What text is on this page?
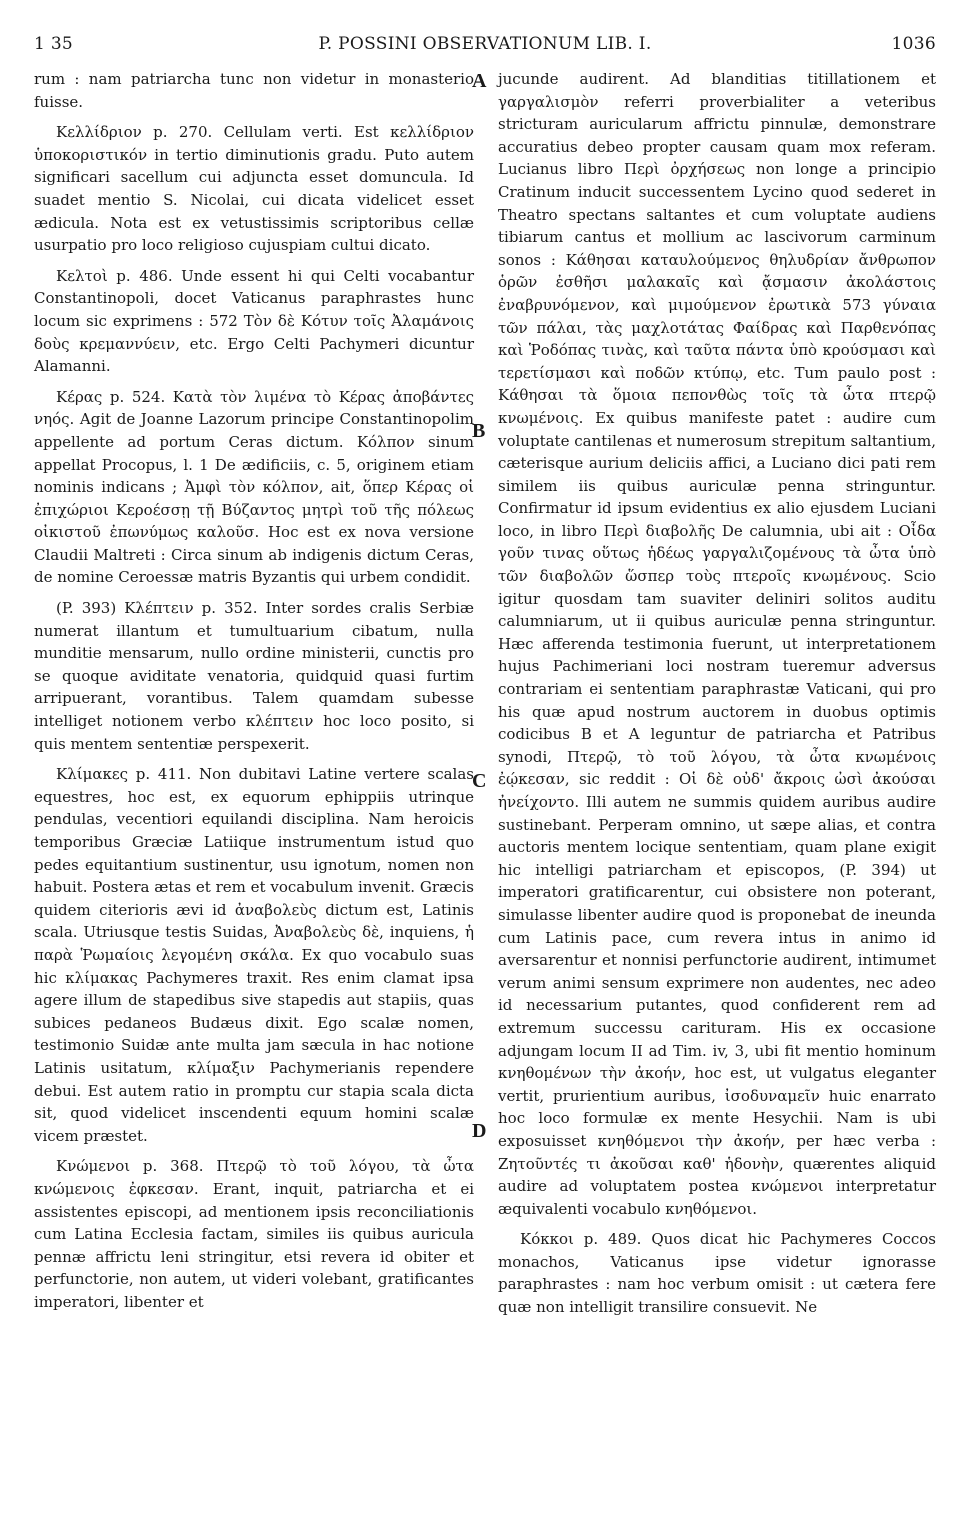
1 35	P. POSSINI OBSERVATIONUM LIB. I.	1036

rum : nam patriarcha tunc non videtur in monasterio fuisse.

Κελλίδριον p. 270. Cellulam verti. Est κελλίδριον ὑποκοριστικόν in tertio diminutionis gradu. Puto autem significari sacellum cui adjuncta esset domuncula. Id suadet mentio S. Nicolai, cui dicata videlicet esset ædicula. Nota est ex vetustissimis scriptoribus cellæ usurpatio pro loco religioso cujuspiam cultui dicato.

Κελτοὶ p. 486. Unde essent hi qui Celti vocabantur Constantinopoli, docet Vaticanus paraphrastes hunc locum sic exprimens : 572 Τὸν δὲ Κότυν τοῖς Ἀλαμάνοις δοὺς κρεμαννύειν, etc. Ergo Celti Pachymeri dicuntur Alamanni.

Κέρας p. 524. Κατὰ τὸν λιμένα τὸ Κέρας ἀποβάντες νηός. Agit de Joanne Lazorum principe Constantinopolim appellente ad portum Ceras dictum. Κόλπον sinum appellat Procopus, l. 1 De ædificiis, c. 5, originem etiam nominis indicans ; Ἀμφὶ τὸν κόλπον, ait, ὅπερ Κέρας οἱ ἐπιχώριοι Κεροέσσῃ τῇ Βύζαντος μητρὶ τοῦ τῆς πόλεως οἰκιστοῦ ἐπωνύμως καλοῦσ. Hoc est ex nova versione Claudii Maltreti : Circa sinum ab indigenis dictum Ceras, de nomine Ceroessæ matris Byzantis qui urbem condidit.

(P. 393) Κλέπτειν p. 352. Inter sordes cralis Serbiæ numerat illantum et tumultuarium cibatum, nulla munditie mensarum, nullo ordine ministerii, cunctis pro se quoque aviditate venatoria, quidquid quasi furtim arripuerant, vorantibus. Talem quamdam subesse intelliget notionem verbo κλέπτειν hoc loco posito, si quis mentem sententiæ perspexerit.

Κλίμακες p. 411. Non dubitavi Latine vertere scalas equestres, hoc est, ex equorum ephippiis utrinque pendulas, vecentiori equilandi disciplina. Nam heroicis temporibus Græciæ Latiique instrumentum istud quo pedes equitantium sustinentur, usu ignotum, nomen non habuit. Postera ætas et rem et vocabulum invenit. Græcis quidem citerioris ævi id ἀναβολεὺς dictum est, Latinis scala. Utriusque testis Suidas, Ἀναβολεὺς δὲ, inquiens, ἡ παρὰ Ῥωμαίοις λεγομένη σκάλα. Ex quo vocabulo suas hic κλίμακας Pachymeres traxit. Res enim clamat ipsa agere illum de stapedibus sive stapedis aut stapiis, quas subices pedaneos Budæus dixit. Ego scalæ nomen, testimonio Suidæ ante multa jam sæcula in hac notione Latinis usitatum, κλίμαξιν Pachymerianis rependere debui. Est autem ratio in promptu cur stapia scala dicta sit, quod videlicet inscendenti equum homini scalæ vicem præstet.

Κνώμενοι p. 368. Πτερῷ τὸ τοῦ λόγου, τὰ ὦτα κνώμενοις ἐφκεσαν. Erant, inquit, patriarcha et ei assistentes episcopi, ad mentionem ipsis reconciliationis cum Latina Ecclesia factam, similes iis quibus auricula pennæ affrictu leni stringitur, etsi revera id obiter et perfunctorie, non autem, ut videri volebant, gratificantes imperatori, libenter et

A
B
C
D

jucunde audirent. Ad blanditias titillationem et γαργαλισμὸν referri proverbialiter a veteribus stricturam auricularum affrictu pinnulæ, demonstrare accuratius debeo propter causam quam mox referam. Lucianus libro Περὶ ὀρχήσεως non longe a principio Cratinum inducit successentem Lycino quod sederet in Theatro spectans saltantes et cum voluptate audiens tibiarum cantus et mollium ac lascivorum carminum sonos : Κάθησαι καταυλούμενος θηλυδρίαν ἄνθρωπον ὁρῶν ἐσθῆσι μαλακαῖς καὶ ᾄσμασιν ἀκολάστοις ἐναβρυνόμενον, καὶ μιμούμενον ἐρωτικὰ 573 γύναια τῶν πάλαι, τὰς μαχλοτάτας Φαίδρας καὶ Παρθενόπας καὶ Ῥοδόπας τινὰς, καὶ ταῦτα πάντα ὑπὸ κρούσμασι καὶ τερετίσμασι καὶ ποδῶν κτύπῳ, etc. Tum paulo post : Κάθησαι τὰ ὅμοια πεπονθὼς τοῖς τὰ ὦτα πτερῷ κνωμένοις. Ex quibus manifeste patet : audire cum voluptate cantilenas et numerosum strepitum saltantium, cæterisque aurium deliciis affici, a Luciano dici pati rem similem iis quibus auriculæ penna stringuntur. Confirmatur id ipsum evidentius ex alio ejusdem Luciani loco, in libro Περὶ διαβολῆς De calumnia, ubi ait : Οἶδα γοῦν τινας οὕτως ἡδέως γαργαλιζομένους τὰ ὦτα ὑπὸ τῶν διαβολῶν ὥσπερ τοὺς πτεροῖς κνωμένους. Scio igitur quosdam tam suaviter deliniri solitos auditu calumniarum, ut ii quibus auriculæ penna stringuntur. Hæc afferenda testimonia fuerunt, ut interpretationem hujus Pachimeriani loci nostram tueremur adversus contrariam ei sententiam paraphrastæ Vaticani, qui pro his quæ apud nostrum auctorem in duobus optimis codicibus B et A leguntur de patriarcha et Patribus synodi, Πτερῷ, τὸ τοῦ λόγου, τὰ ὦτα κνωμένοις ἐῴκεσαν, sic reddit : Οἱ δὲ οὐδ' ἄκροις ὠσὶ ἀκούσαι ἠνείχοντο. Illi autem ne summis quidem auribus audire sustinebant. Perperam omnino, ut sæpe alias, et contra auctoris mentem locique sententiam, quam plane exigit hic intelligi patriarcham et episcopos, (P. 394) ut imperatori gratificarentur, cui obsistere non poterant, simulasse libenter audire quod is proponebat de ineunda cum Latinis pace, cum revera intus in animo id aversarentur et nonnisi perfunctorie audirent, intimumet verum animi sensum exprimere non audentes, nec adeo id necessarium putantes, quod confiderent rem ad extremum successu carituram. His ex occasione adjungam locum II ad Tim. iv, 3, ubi fit mentio hominum κνηθομένων τὴν ἀκοήν, hoc est, ut vulgatus eleganter vertit, prurientium auribus, ἰσοδυναμεῖν huic enarrato hoc loco formulæ ex mente Hesychii. Nam is ubi exposuisset κνηθόμενοι τὴν ἀκοήν, per hæc verba : Ζητοῦντές τι ἀκοῦσαι καθ' ἡδονὴν, quærentes aliquid audire ad voluptatem postea κνώμενοι interpretatur æquivalenti vocabulo κνηθόμενοι.

Κόκκοι p. 489. Quos dicat hic Pachymeres Coccos monachos, Vaticanus ipse videtur ignorasse paraphrastes : nam hoc verbum omisit : ut cætera fere quæ non intelligit transilire consuevit. Ne
